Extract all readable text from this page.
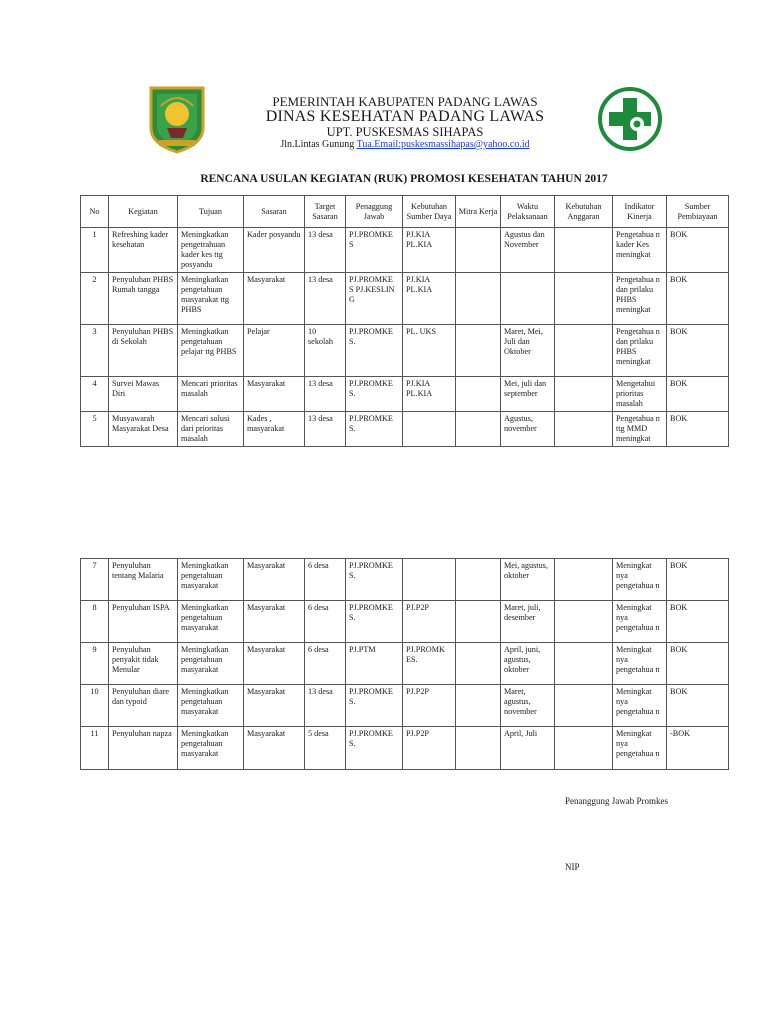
PEMERINTAH KABUPATEN PADANG LAWAS
DINAS KESEHATAN PADANG LAWAS
UPT. PUSKESMAS SIHAPAS
Jln.Lintas Gunung Tua.Email:puskesmassihapas@yahoo.co.id
RENCANA USULAN KEGIATAN (RUK) PROMOSI KESEHATAN TAHUN 2017
No	Kegiatan	Tujuan	Sasaran	Target Sasaran	Penaggung Jawab	Kebutuhan Sumber Daya	Mitra Kerja	Waktu Pelaksanaan	Kebutuhan Anggaran	Indikator Kinerja	Sumber Pembiayaan
1	Refreshing kader kesehatan	Meningkatkan pengetrahuan kader kes ttg posyandu	Kader posyandu	13 desa	PJ.PROMKE S	PJ.KIA PL.KIA		Agustus dan November		Pengetahua n kader Kes meningkat	BOK
2	Penyuluhan PHBS Rumah tangga	Meningkatkan pengetahuan masyarakat ttg PHBS	Masyarakat	13 desa	PJ.PROMKE S PJ.KESLIN G	PJ.KIA PL.KIA				Pengetahua n dan prilaku PHBS meningkat	BOK
3	Penyuluhan PHBS di Sekolah	Meningkatkan pengetahuan pelajar ttg PHBS	Pelajar	10 sekolah	PJ.PROMKE S.	PL. UKS		Maret, Mei, Juli dan Oktober		Pengetahua n dan prilaku PHBS meningkat	BOK
4	Survei Mawas Diri	Mencari prioritas masalah	Masyarakat	13 desa	PJ.PROMKE S.	PJ.KIA PL.KIA		Mei, juli dan september		Mengetahui prioritas masalah	BOK
5	Musyawarah Masyarakat Desa	Mencari solusi dari prioritas masalah	Kades , masyarakat	13 desa	PJ.PROMKE S.			Agustus, november		Pengetahua n ttg MMD meningkat	BOK
7	Penyuluhan tentang Malaria	Meningkatkan pengetahuan masyarakat	Masyarakat	6 desa	PJ.PROMKE S.			Mei, agustus, oktober		Meningkat nya pengetahua n	BOK
8	Penyuluhan ISPA	Meningkatkan pengetahuan masyarakat	Masyarakat	6 desa	PJ.PROMKE S.	PJ.P2P		Maret, juli, desember		Meningkat nya pengetahua n	BOK
9	Penyuluhan penyakit tidak Menular	Meningkatkan pengetahuan masyarakat	Masyarakat	6 desa	PJ.PTM	PJ.PROMK ES.		April, juni, agustus, oktober		Meningkat nya pengetahua n	BOK
10	Penyuluhan diare dan typoid	Meningkatkan pengetahuan masyarakat	Masyarakat	13 desa	PJ.PROMKE S.	PJ.P2P		Maret, agustus, november		Meningkat nya pengetahua n	BOK
11	Penyuluhan napza	Meningkatkan pengetahuan masyarakat	Masyarakat	5 desa	PJ.PROMKE S.	PJ.P2P		April, Juli		Meningkat nya pengetahua n	-BOK
Penanggung Jawab Promkes
NIP
